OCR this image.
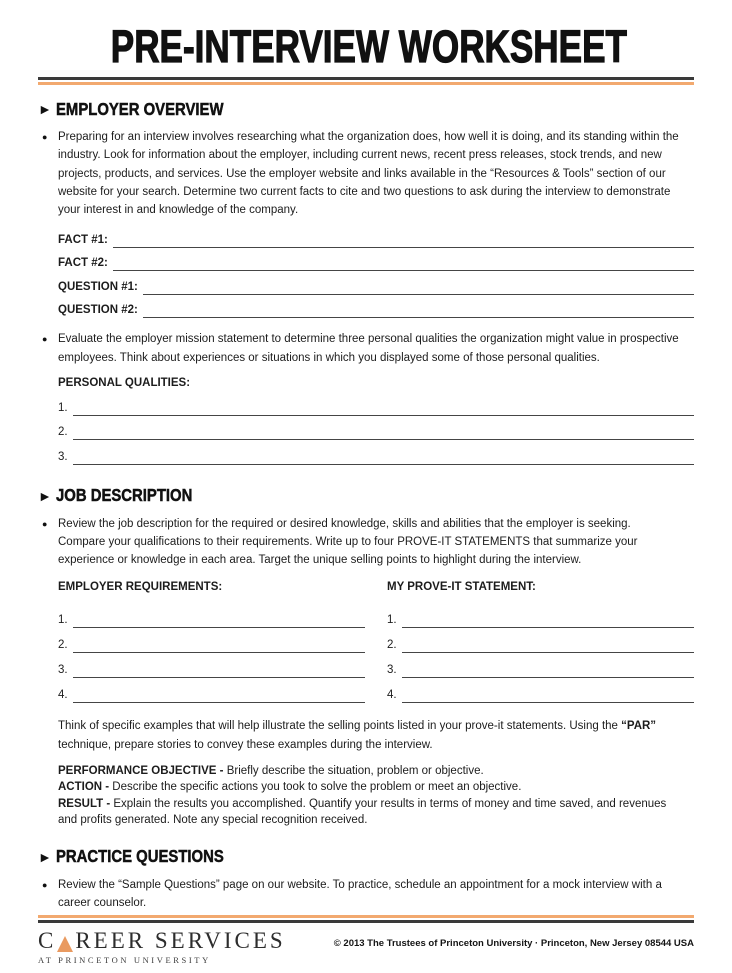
PRE-INTERVIEW WORKSHEET
► EMPLOYER OVERVIEW
● Preparing for an interview involves researching what the organization does, how well it is doing, and its standing within the industry. Look for information about the employer, including current news, recent press releases, stock trends, and new projects, products, and services. Use the employer website and links available in the “Resources & Tools” section of our website for your search. Determine two current facts to cite and two questions to ask during the interview to demonstrate your interest in and knowledge of the company.

FACT #1:
FACT #2:
QUESTION #1:
QUESTION #2:
● Evaluate the employer mission statement to determine three personal qualities the organization might value in prospective employees. Think about experiences or situations in which you displayed some of those personal qualities.

PERSONAL QUALITIES:
1.
2.
3.
► JOB DESCRIPTION
● Review the job description for the required or desired knowledge, skills and abilities that the employer is seeking. Compare your qualifications to their requirements. Write up to four PROVE-IT STATEMENTS that summarize your experience or knowledge in each area. Target the unique selling points to highlight during the interview.

EMPLOYER REQUIREMENTS:
1.
2.
3.
4.
MY PROVE-IT STATEMENT:
1.
2.
3.
4.

Think of specific examples that will help illustrate the selling points listed in your prove-it statements. Using the “PAR” technique, prepare stories to convey these examples during the interview.

PERFORMANCE OBJECTIVE - Briefly describe the situation, problem or objective.

ACTION - Describe the specific actions you took to solve the problem or meet an objective.

RESULT - Explain the results you accomplished. Quantify your results in terms of money and time saved, and revenues and profits generated. Note any special recognition received.

► PRACTICE QUESTIONS
● Review the “Sample Questions” page on our website. To practice, schedule an appointment for a mock interview with a career counselor.

C REER SERVICES
AT PRINCETON UNIVERSITY
© 2013 The Trustees of Princeton University · Princeton, New Jersey 08544 USA
